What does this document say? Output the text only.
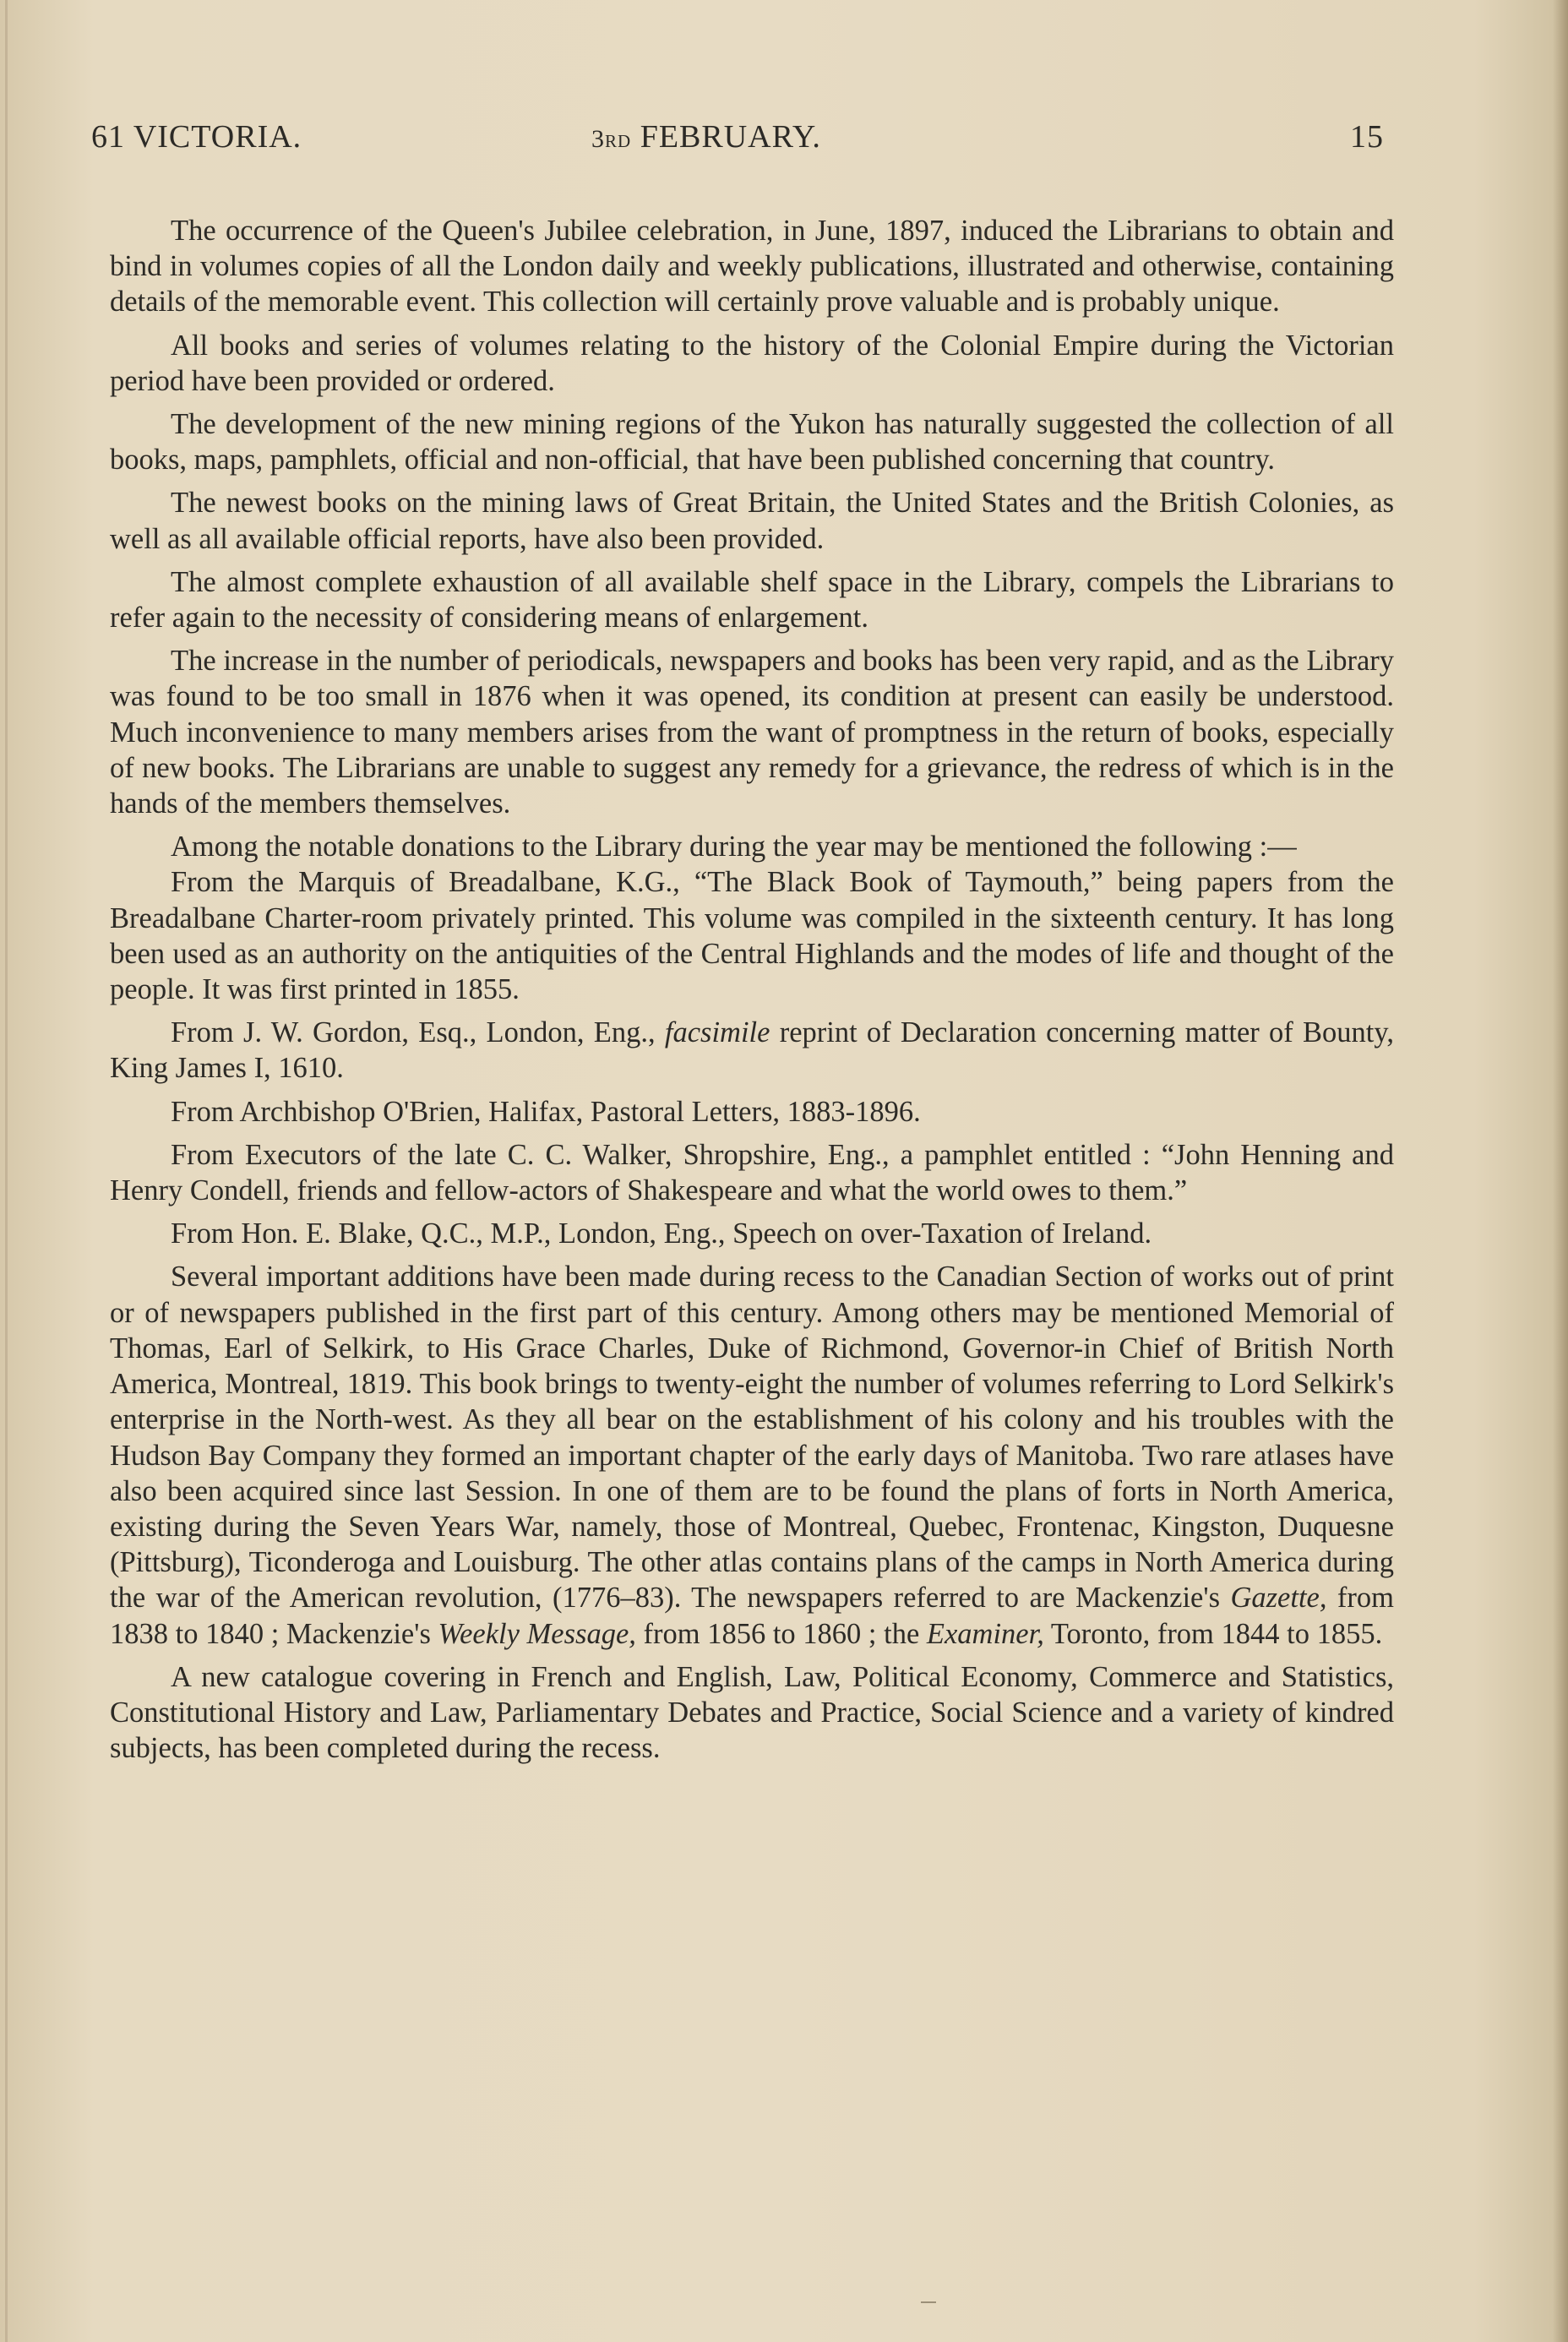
61 VICTORIA.	3rd FEBRUARY.	15

The occurrence of the Queen's Jubilee celebration, in June, 1897, induced the Librarians to obtain and bind in volumes copies of all the London daily and weekly publications, illustrated and otherwise, containing details of the memorable event. This collection will certainly prove valuable and is probably unique.

All books and series of volumes relating to the history of the Colonial Empire during the Victorian period have been provided or ordered.

The development of the new mining regions of the Yukon has naturally suggested the collection of all books, maps, pamphlets, official and non-official, that have been published concerning that country.

The newest books on the mining laws of Great Britain, the United States and the British Colonies, as well as all available official reports, have also been provided.

The almost complete exhaustion of all available shelf space in the Library, compels the Librarians to refer again to the necessity of considering means of enlargement.

The increase in the number of periodicals, newspapers and books has been very rapid, and as the Library was found to be too small in 1876 when it was opened, its condition at present can easily be understood. Much inconvenience to many members arises from the want of promptness in the return of books, especially of new books. The Librarians are unable to suggest any remedy for a grievance, the redress of which is in the hands of the members themselves.

Among the notable donations to the Library during the year may be mentioned the following :—

From the Marquis of Breadalbane, K.G., “The Black Book of Taymouth,” being papers from the Breadalbane Charter-room privately printed. This volume was compiled in the sixteenth century. It has long been used as an authority on the antiquities of the Central Highlands and the modes of life and thought of the people. It was first printed in 1855.

From J. W. Gordon, Esq., London, Eng., facsimile reprint of Declaration concerning matter of Bounty, King James I, 1610.

From Archbishop O'Brien, Halifax, Pastoral Letters, 1883-1896.

From Executors of the late C. C. Walker, Shropshire, Eng., a pamphlet entitled : “John Henning and Henry Condell, friends and fellow-actors of Shakespeare and what the world owes to them.”

From Hon. E. Blake, Q.C., M.P., London, Eng., Speech on over-Taxation of Ireland.

Several important additions have been made during recess to the Canadian Section of works out of print or of newspapers published in the first part of this century. Among others may be mentioned Memorial of Thomas, Earl of Selkirk, to His Grace Charles, Duke of Richmond, Governor-in Chief of British North America, Montreal, 1819. This book brings to twenty-eight the number of volumes referring to Lord Selkirk's enterprise in the North-west. As they all bear on the establishment of his colony and his troubles with the Hudson Bay Company they formed an important chapter of the early days of Manitoba. Two rare atlases have also been acquired since last Session. In one of them are to be found the plans of forts in North America, existing during the Seven Years War, namely, those of Montreal, Quebec, Frontenac, Kingston, Duquesne (Pittsburg), Ticonderoga and Louisburg. The other atlas contains plans of the camps in North America during the war of the American revolution, (1776–83). The newspapers referred to are Mackenzie's Gazette, from 1838 to 1840 ; Mackenzie's Weekly Message, from 1856 to 1860 ; the Examiner, Toronto, from 1844 to 1855.

A new catalogue covering in French and English, Law, Political Economy, Commerce and Statistics, Constitutional History and Law, Parliamentary Debates and Practice, Social Science and a variety of kindred subjects, has been completed during the recess.
